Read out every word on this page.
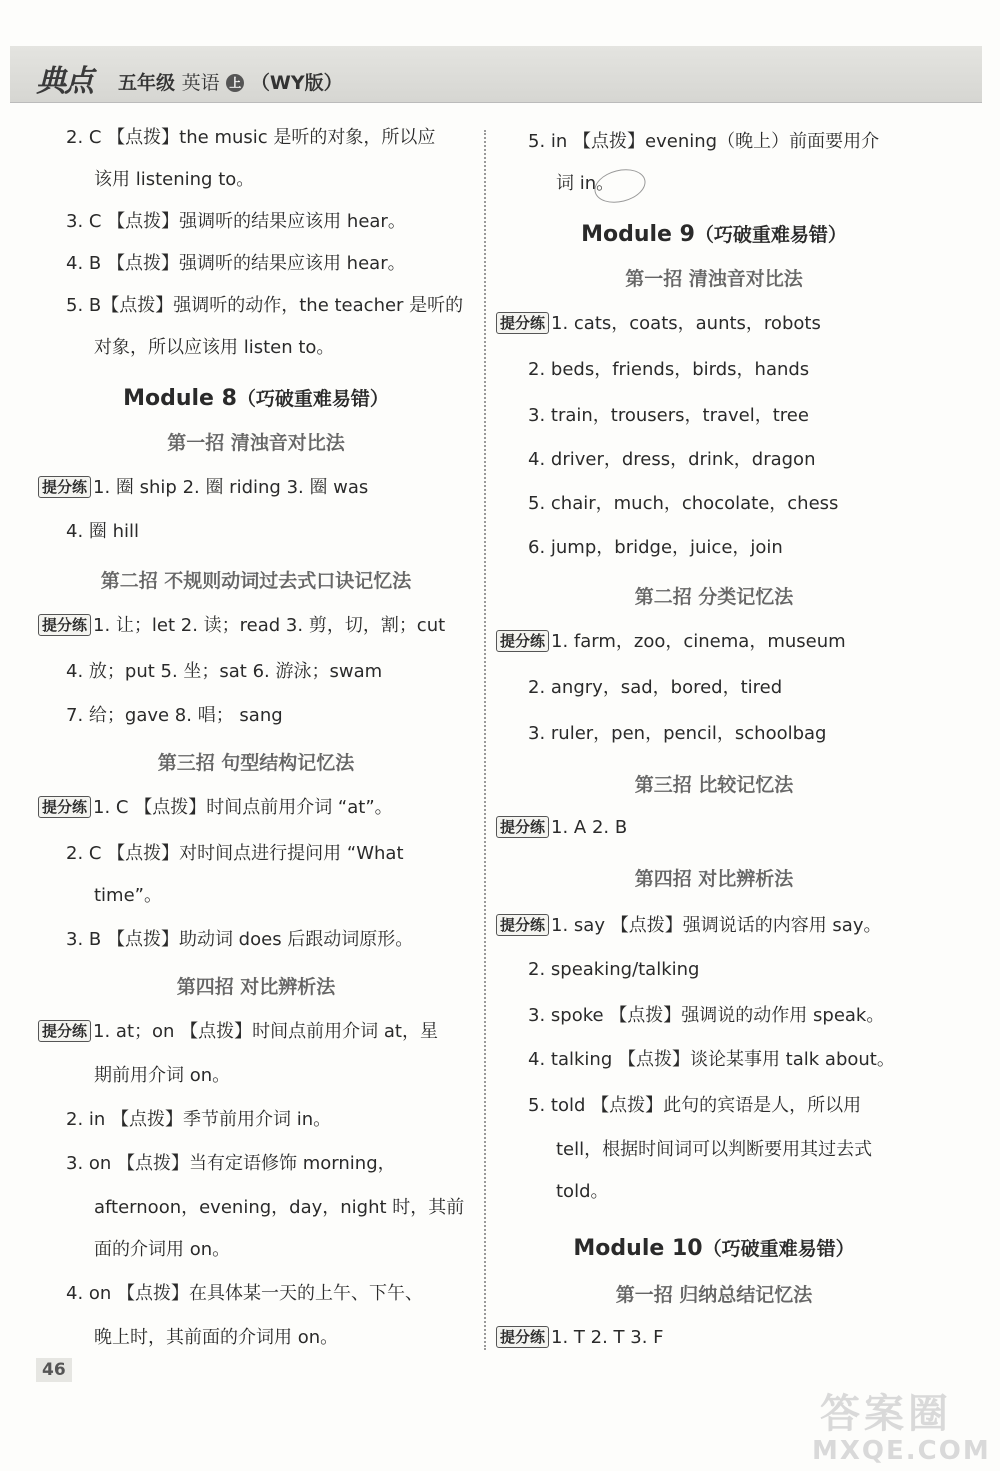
典点 五年级 英语 上 （WY版）
2. C 【点拨】the music 是听的对象，所以应
该用 listening to。
3. C 【点拨】强调听的结果应该用 hear。
4. B 【点拨】强调听的结果应该用 hear。
5. B【点拨】强调听的动作，the teacher 是听的
对象，所以应该用 listen to。
Module 8（巧破重难易错）
第一招 清浊音对比法
提分练 1. 圈 ship 2. 圈 riding 3. 圈 was
4. 圈 hill
第二招 不规则动词过去式口诀记忆法
提分练 1. 让；let 2. 读；read 3. 剪，切，割；cut
4. 放；put 5. 坐；sat 6. 游泳；swam
7. 给；gave 8. 唱； sang
第三招 句型结构记忆法
提分练 1. C 【点拨】时间点前用介词 “at”。
2. C 【点拨】对时间点进行提问用 “What
time”。
3. B 【点拨】助动词 does 后跟动词原形。
第四招 对比辨析法
提分练 1. at；on 【点拨】时间点前用介词 at，星
期前用介词 on。
2. in 【点拨】季节前用介词 in。
3. on 【点拨】当有定语修饰 morning，
afternoon，evening，day，night 时，其前
面的介词用 on。
4. on 【点拨】在具体某一天的上午、下午、
晚上时，其前面的介词用 on。
5. in 【点拨】evening（晚上）前面要用介
词 in。
Module 9（巧破重难易错）
第一招 清浊音对比法
提分练 1. cats，coats，aunts，robots
2. beds，friends，birds，hands
3. train，trousers，travel，tree
4. driver，dress，drink，dragon
5. chair，much，chocolate，chess
6. jump，bridge，juice，join
第二招 分类记忆法
提分练 1. farm，zoo，cinema，museum
2. angry，sad，bored，tired
3. ruler，pen，pencil，schoolbag
第三招 比较记忆法
提分练 1. A 2. B
第四招 对比辨析法
提分练 1. say 【点拨】强调说话的内容用 say。
2. speaking/talking
3. spoke 【点拨】强调说的动作用 speak。
4. talking 【点拨】谈论某事用 talk about。
5. told 【点拨】此句的宾语是人，所以用
tell，根据时间词可以判断要用其过去式
told。
Module 10（巧破重难易错）
第一招 归纳总结记忆法
提分练 1. T 2. T 3. F
46
答案圈
MXQE.COM
